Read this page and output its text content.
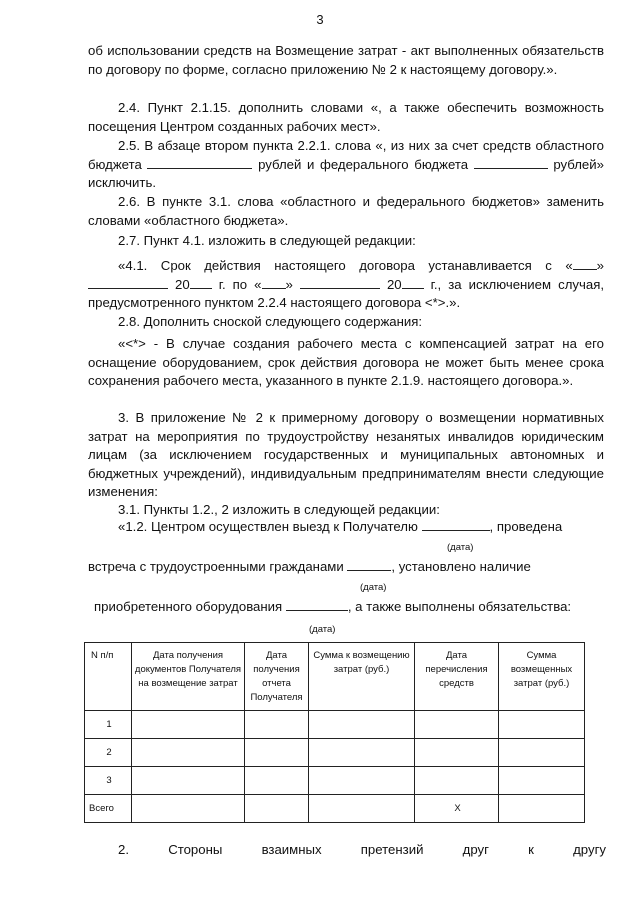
3
об использовании средств на Возмещение затрат - акт выполненных обязательств по договору по форме, согласно приложению № 2 к настоящему договору.».
2.4. Пункт 2.1.15. дополнить словами «, а также обеспечить возможность посещения Центром созданных рабочих мест».
2.5. В абзаце втором пункта 2.2.1. слова «, из них за счет средств областного бюджета	рублей и федерального бюджета	рублей» исключить.
2.6. В пункте 3.1. слова «областного и федерального бюджетов» заменить словами «областного бюджета».
2.7. Пункт 4.1. изложить в следующей редакции:
«4.1. Срок действия настоящего договора устанавливается с « »  20 г. по « »	20 г., за исключением случая, предусмотренного пунктом 2.2.4 настоящего договора <*>.».
2.8. Дополнить сноской следующего содержания:
«<*> - В случае создания рабочего места с компенсацией затрат на его оснащение оборудованием, срок действия договора не может быть менее срока сохранения рабочего места, указанного в пункте 2.1.9. настоящего договора.».
3. В приложение № 2 к примерному договору о возмещении нормативных затрат на мероприятия по трудоустройству незанятых инвалидов юридическим лицам (за исключением государственных и муниципальных автономных и бюджетных учреждений), индивидуальным предпринимателям внести следующие изменения:
3.1. Пункты 1.2., 2 изложить в следующей редакции:
«1.2. Центром осуществлен выезд к Получателю	, проведена
(дата)
встреча с трудоустроенными гражданами	, установлено наличие
(дата)
приобретенного оборудования	, а также выполнены обязательства:
(дата)
N п/п	Дата получения документов Получателя на возмещение затрат	Дата получения отчета Получателя	Сумма к возмещению затрат (руб.)	Дата перечисления средств	Сумма возмещенных затрат (руб.)
1					
2					
3					
Всего				X	
2.	Стороны	взаимных	претензий	друг	к	другу
